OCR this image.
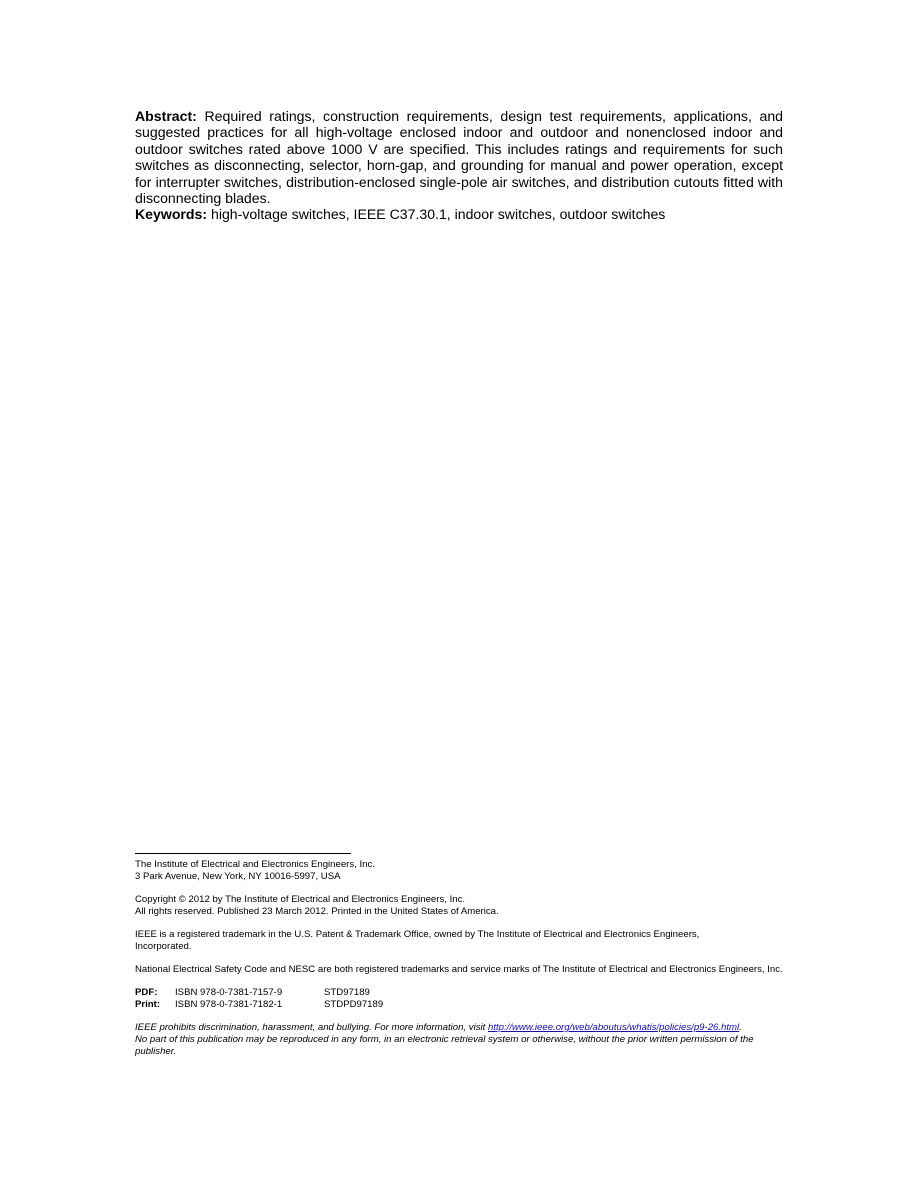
Abstract: Required ratings, construction requirements, design test requirements, applications, and suggested practices for all high-voltage enclosed indoor and outdoor and nonenclosed indoor and outdoor switches rated above 1000 V are specified. This includes ratings and requirements for such switches as disconnecting, selector, horn-gap, and grounding for manual and power operation, except for interrupter switches, distribution-enclosed single-pole air switches, and distribution cutouts fitted with disconnecting blades.

Keywords: high-voltage switches, IEEE C37.30.1, indoor switches, outdoor switches

The Institute of Electrical and Electronics Engineers, Inc.

3 Park Avenue, New York, NY 10016-5997, USA

Copyright © 2012 by The Institute of Electrical and Electronics Engineers, Inc.

All rights reserved. Published 23 March 2012. Printed in the United States of America.

IEEE is a registered trademark in the U.S. Patent & Trademark Office, owned by The Institute of Electrical and Electronics Engineers, Incorporated.

National Electrical Safety Code and NESC are both registered trademarks and service marks of The Institute of Electrical and Electronics Engineers, Inc.

PDF:	ISBN 978-0-7381-7157-9	STD97189
Print:	ISBN 978-0-7381-7182-1	STDPD97189

IEEE prohibits discrimination, harassment, and bullying. For more information, visit http://www.ieee.org/web/aboutus/whatis/policies/p9-26.html.

No part of this publication may be reproduced in any form, in an electronic retrieval system or otherwise, without the prior written permission of the publisher.
